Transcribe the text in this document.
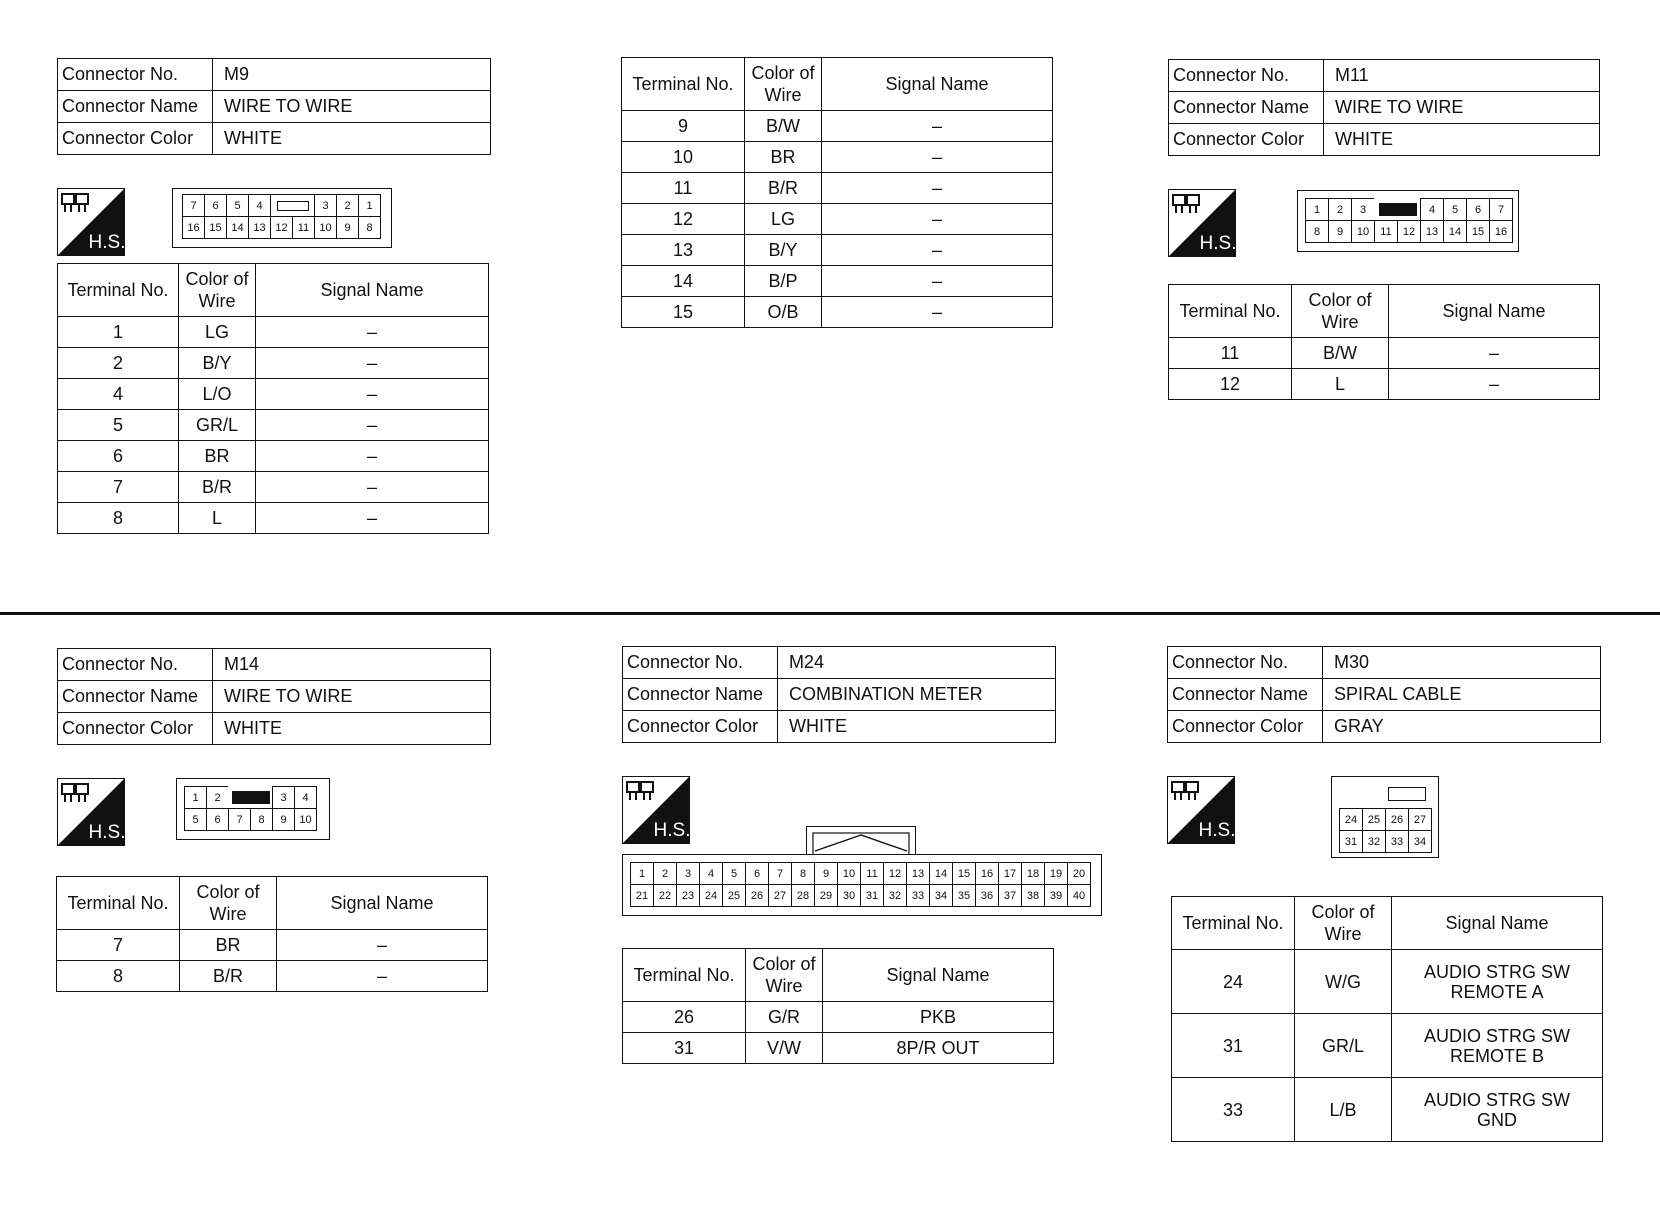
Connector No.	M9
Connector Name	WIRE TO WIRE
Connector Color	WHITE
H.S.
7	6	5	4	3	2	1
16 15 14 13 12 11 10	9	8
Terminal No.	Color of Wire	Signal Name
1	LG	–
2	B/Y	–
4	L/O	–
5	GR/L	–
6	BR	–
7	B/R	–
8	L	–
Terminal No.	Color of Wire	Signal Name
9	B/W	–
10	BR	–
11	B/R	–
12	LG	–
13	B/Y	–
14	B/P	–
15	O/B	–
Connector No.	M11
Connector Name	WIRE TO WIRE
Connector Color	WHITE
H.S.
1	2	3	4	5	6	7
8	9	10	11	12 13 14 15 16
Terminal No.	Color of Wire	Signal Name
11	B/W	–
12	L	–
Connector No.	M14
Connector Name	WIRE TO WIRE
Connector Color	WHITE
H.S.
1	2	3	4
5	6	7	8	9	10
Terminal No.	Color of Wire	Signal Name
7	BR	–
8	B/R	–
Connector No.	M24
Connector Name	COMBINATION METER
Connector Color	WHITE
H.S.
1	2	3	4	5	6	7	8	9	10	11	12 13 14 15 16 17 18 19 20
21 22 23 24 25 26 27 28 29 30 31 32 33 34 35 36 37 38 39 40
Terminal No.	Color of Wire	Signal Name
26	G/R	PKB
31	V/W	8P/R OUT
Connector No.	M30
Connector Name	SPIRAL CABLE
Connector Color	GRAY
H.S.
24 25 26 27
31 32 33 34
Terminal No.	Color of Wire	Signal Name
24	W/G	AUDIO STRG SW
REMOTE A
31	GR/L	AUDIO STRG SW
REMOTE B
33	L/B	AUDIO STRG SW
GND
